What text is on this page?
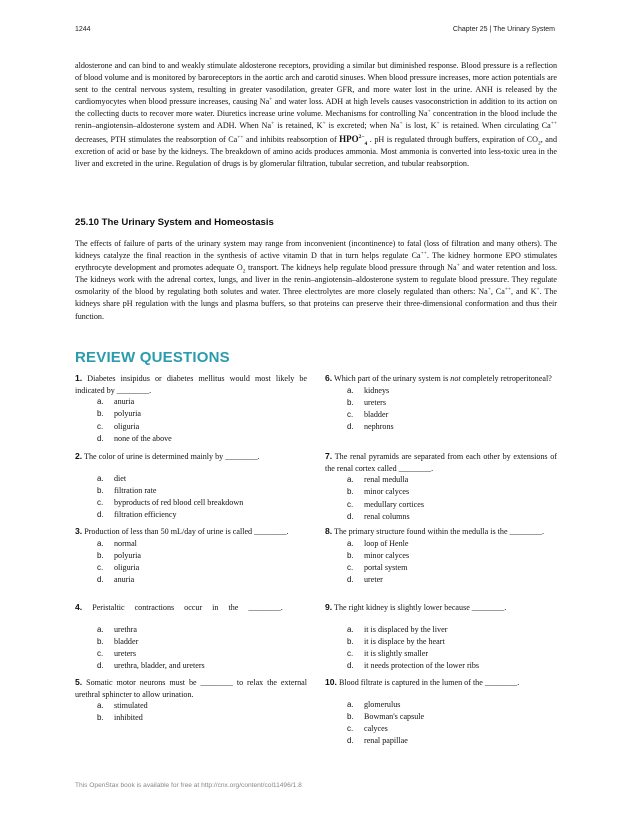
1244	Chapter 25 | The Urinary System

aldosterone and can bind to and weakly stimulate aldosterone receptors, providing a similar but diminished response. Blood pressure is a reflection of blood volume and is monitored by baroreceptors in the aortic arch and carotid sinuses. When blood pressure increases, more action potentials are sent to the central nervous system, resulting in greater vasodilation, greater GFR, and more water lost in the urine. ANH is released by the cardiomyocytes when blood pressure increases, causing Na+ and water loss. ADH at high levels causes vasoconstriction in addition to its action on the collecting ducts to recover more water. Diuretics increase urine volume. Mechanisms for controlling Na+ concentration in the blood include the renin–angiotensin–aldosterone system and ADH. When Na+ is retained, K+ is excreted; when Na+ is lost, K+ is retained. When circulating Ca++ decreases, PTH stimulates the reabsorption of Ca++ and inhibits reabsorption of $HPO^{2-}_4$ . pH is regulated through buffers, expiration of $CO_2$, and excretion of acid or base by the kidneys. The breakdown of amino acids produces ammonia. Most ammonia is converted into less-toxic urea in the liver and excreted in the urine. Regulation of drugs is by glomerular filtration, tubular secretion, and tubular reabsorption.

25.10 The Urinary System and Homeostasis

The effects of failure of parts of the urinary system may range from inconvenient (incontinence) to fatal (loss of filtration and many others). The kidneys catalyze the final reaction in the synthesis of active vitamin D that in turn helps regulate Ca++. The kidney hormone EPO stimulates erythrocyte development and promotes adequate $O_2$ transport. The kidneys help regulate blood pressure through Na+ and water retention and loss. The kidneys work with the adrenal cortex, lungs, and liver in the renin–angiotensin–aldosterone system to regulate blood pressure. They regulate osmolarity of the blood by regulating both solutes and water. Three electrolytes are more closely regulated than others: Na+, Ca++, and K+. The kidneys share pH regulation with the lungs and plasma buffers, so that proteins can preserve their three-dimensional conformation and thus their function.

REVIEW QUESTIONS

1. Diabetes insipidus or diabetes mellitus would most likely be indicated by ________.

a. anuria
b. polyuria
c. oliguria
d. none of the above

2. The color of urine is determined mainly by ________.

a. diet
b. filtration rate
c. byproducts of red blood cell breakdown
d. filtration efficiency

3. Production of less than 50 mL/day of urine is called ________.

a. normal
b. polyuria
c. oliguria
d. anuria

4. Peristaltic contractions occur in the ________.

a. urethra
b. bladder
c. ureters
d. urethra, bladder, and ureters

5. Somatic motor neurons must be ________ to relax the external urethral sphincter to allow urination.

a. stimulated
b. inhibited

6. Which part of the urinary system is not completely retroperitoneal?

a. kidneys
b. ureters
c. bladder
d. nephrons

7. The renal pyramids are separated from each other by extensions of the renal cortex called ________.

a. renal medulla
b. minor calyces
c. medullary cortices
d. renal columns

8. The primary structure found within the medulla is the ________.

a. loop of Henle
b. minor calyces
c. portal system
d. ureter

9. The right kidney is slightly lower because ________.

a. it is displaced by the liver
b. it is displace by the heart
c. it is slightly smaller
d. it needs protection of the lower ribs

10. Blood filtrate is captured in the lumen of the ________.

a. glomerulus
b. Bowman's capsule
c. calyces
d. renal papillae
This OpenStax book is available for free at http://cnx.org/content/col11496/1.8
